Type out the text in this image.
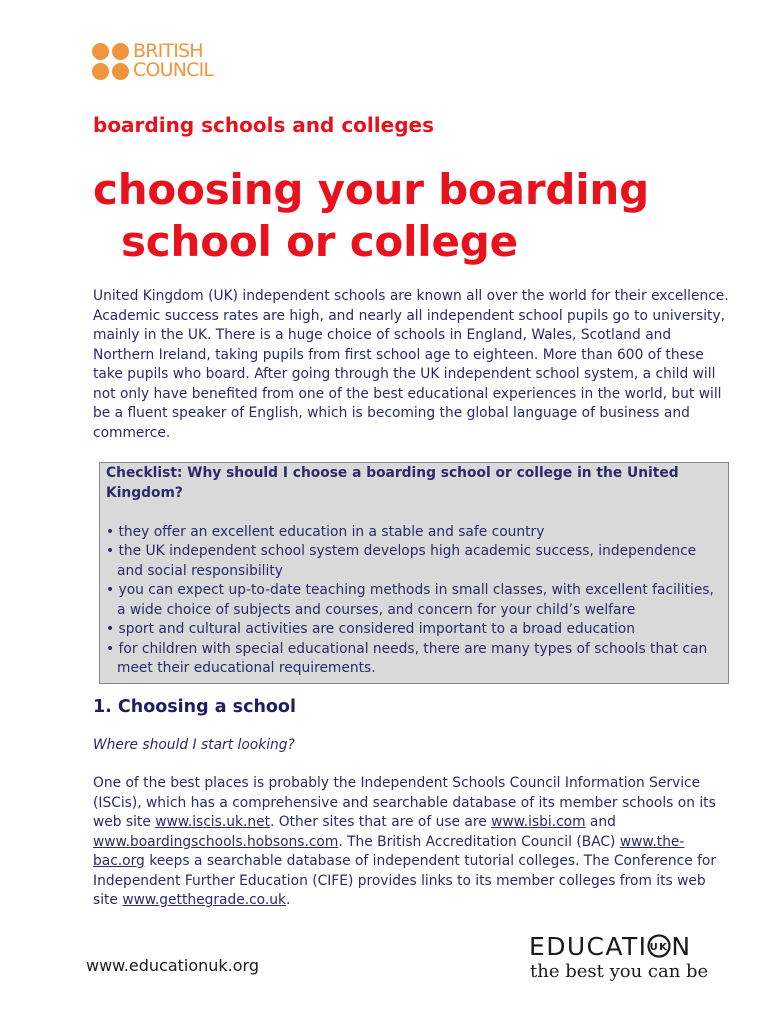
BRITISH
COUNCIL
boarding schools and colleges
choosing your boarding
school or college

United Kingdom (UK) independent schools are known all over the world for their excellence. Academic success rates are high, and nearly all independent school pupils go to university, mainly in the UK. There is a huge choice of schools in England, Wales, Scotland and Northern Ireland, taking pupils from first school age to eighteen. More than 600 of these take pupils who board. After going through the UK independent school system, a child will not only have benefited from one of the best educational experiences in the world, but will be a fluent speaker of English, which is becoming the global language of business and commerce.

Checklist: Why should I choose a boarding school or college in the United Kingdom?

• they offer an excellent education in a stable and safe country
• the UK independent school system develops high academic success, independence and social responsibility
• you can expect up-to-date teaching methods in small classes, with excellent facilities, a wide choice of subjects and courses, and concern for your child’s welfare
• sport and cultural activities are considered important to a broad education
• for children with special educational needs, there are many types of schools that can meet their educational requirements.
1. Choosing a school

Where should I start looking?

One of the best places is probably the Independent Schools Council Information Service (ISCis), which has a comprehensive and searchable database of its member schools on its web site www.iscis.uk.net. Other sites that are of use are www.isbi.com and www.boardingschools.hobsons.com. The British Accreditation Council (BAC) www.the-bac.org keeps a searchable database of independent tutorial colleges. The Conference for Independent Further Education (CIFE) provides links to its member colleges from its web site www.getthegrade.co.uk.

www.educationuk.org

EDUCATI UK N
the best you can be
